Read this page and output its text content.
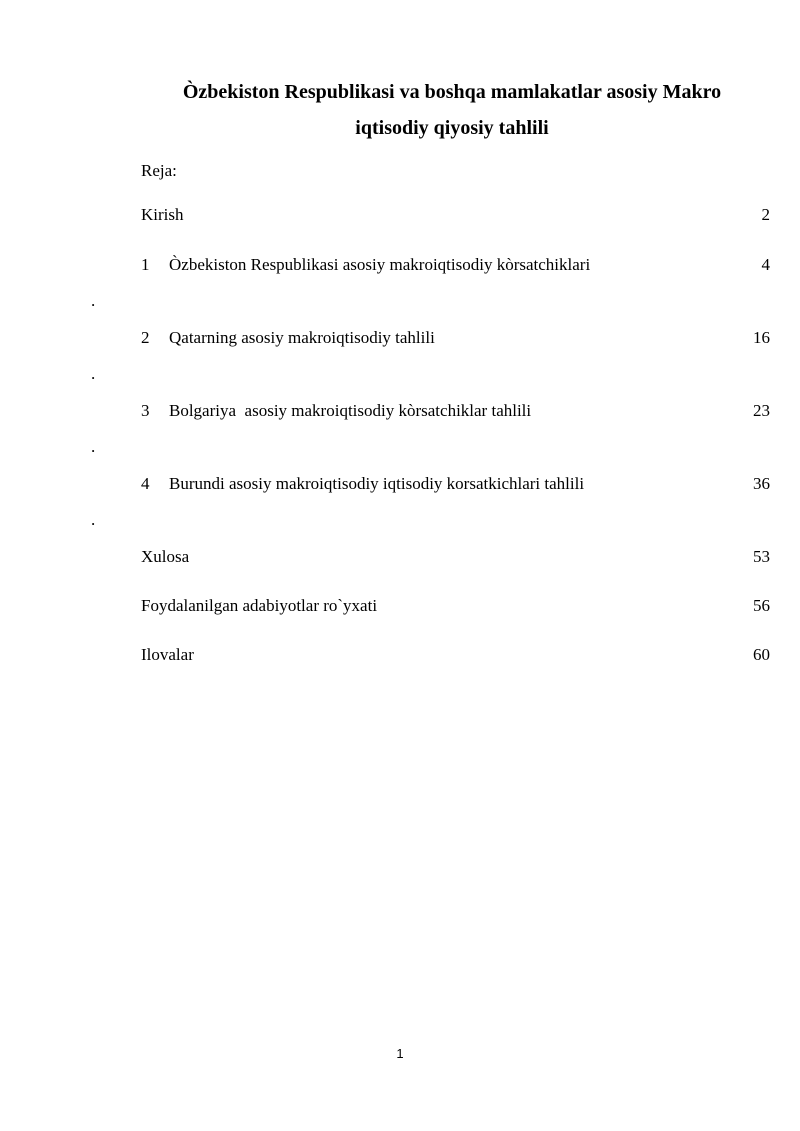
Òzbekiston Respublikasi va boshqa mamlakatlar asosiy Makro
iqtisodiy qiyosiy tahlili
Reja:
Kirish	2
1 Òzbekiston Respublikasi asosiy makroiqtisodiy kòrsatchiklari	4
.
2 Qatarning asosiy makroiqtisodiy tahlili	16
.
3 Bolgariya  asosiy makroiqtisodiy kòrsatchiklar tahlili	23
.
4 Burundi asosiy makroiqtisodiy iqtisodiy korsatkichlari tahlili	36
.
Xulosa	53
Foydalanilgan adabiyotlar ro`yxati	56
Ilovalar	60
1
